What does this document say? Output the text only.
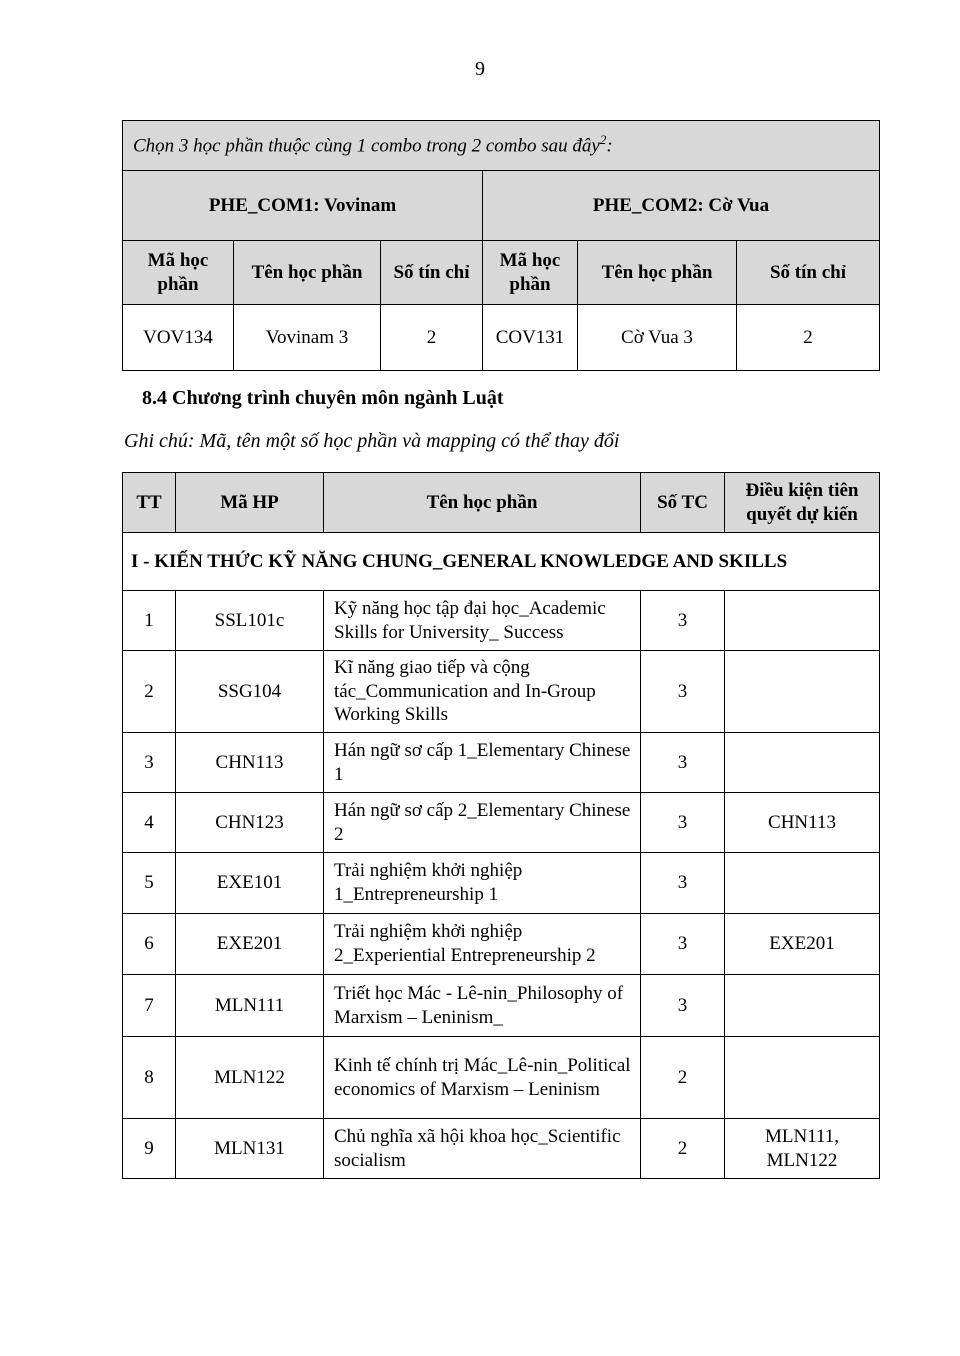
9
Chọn 3 học phần thuộc cùng 1 combo trong 2 combo sau đây$^2$:					
PHE_COM1: Vovinam			PHE_COM2: Cờ Vua		
Mã học phần	Tên học phần	Số tín chỉ	Mã học phần	Tên học phần	Số tín chỉ
VOV134	Vovinam 3	2	COV131	Cờ Vua 3	2
8.4 Chương trình chuyên môn ngành Luật
Ghi chú: Mã, tên một số học phần và mapping có thể thay đổi
TT	Mã HP	Tên học phần	Số TC	Điều kiện tiên quyết dự kiến
I - KIẾN THỨC KỸ NĂNG CHUNG_GENERAL KNOWLEDGE AND SKILLS				
1	SSL101c	Kỹ năng học tập đại học_Academic Skills for University_ Success	3	
2	SSG104	Kĩ năng giao tiếp và cộng tác_Communication and In-Group Working Skills	3	
3	CHN113	Hán ngữ sơ cấp 1_Elementary Chinese 1	3	
4	CHN123	Hán ngữ sơ cấp 2_Elementary Chinese 2	3	CHN113
5	EXE101	Trải nghiệm khởi nghiệp 1_Entrepreneurship 1	3	
6	EXE201	Trải nghiệm khởi nghiệp 2_Experiential Entrepreneurship 2	3	EXE201
7	MLN111	Triết học Mác - Lê-nin_Philosophy of Marxism – Leninism_	3	
8	MLN122	Kinh tế chính trị Mác_Lê-nin_Political economics of Marxism – Leninism	2	
9	MLN131	Chủ nghĩa xã hội khoa học_Scientific socialism	2	MLN111, MLN122
